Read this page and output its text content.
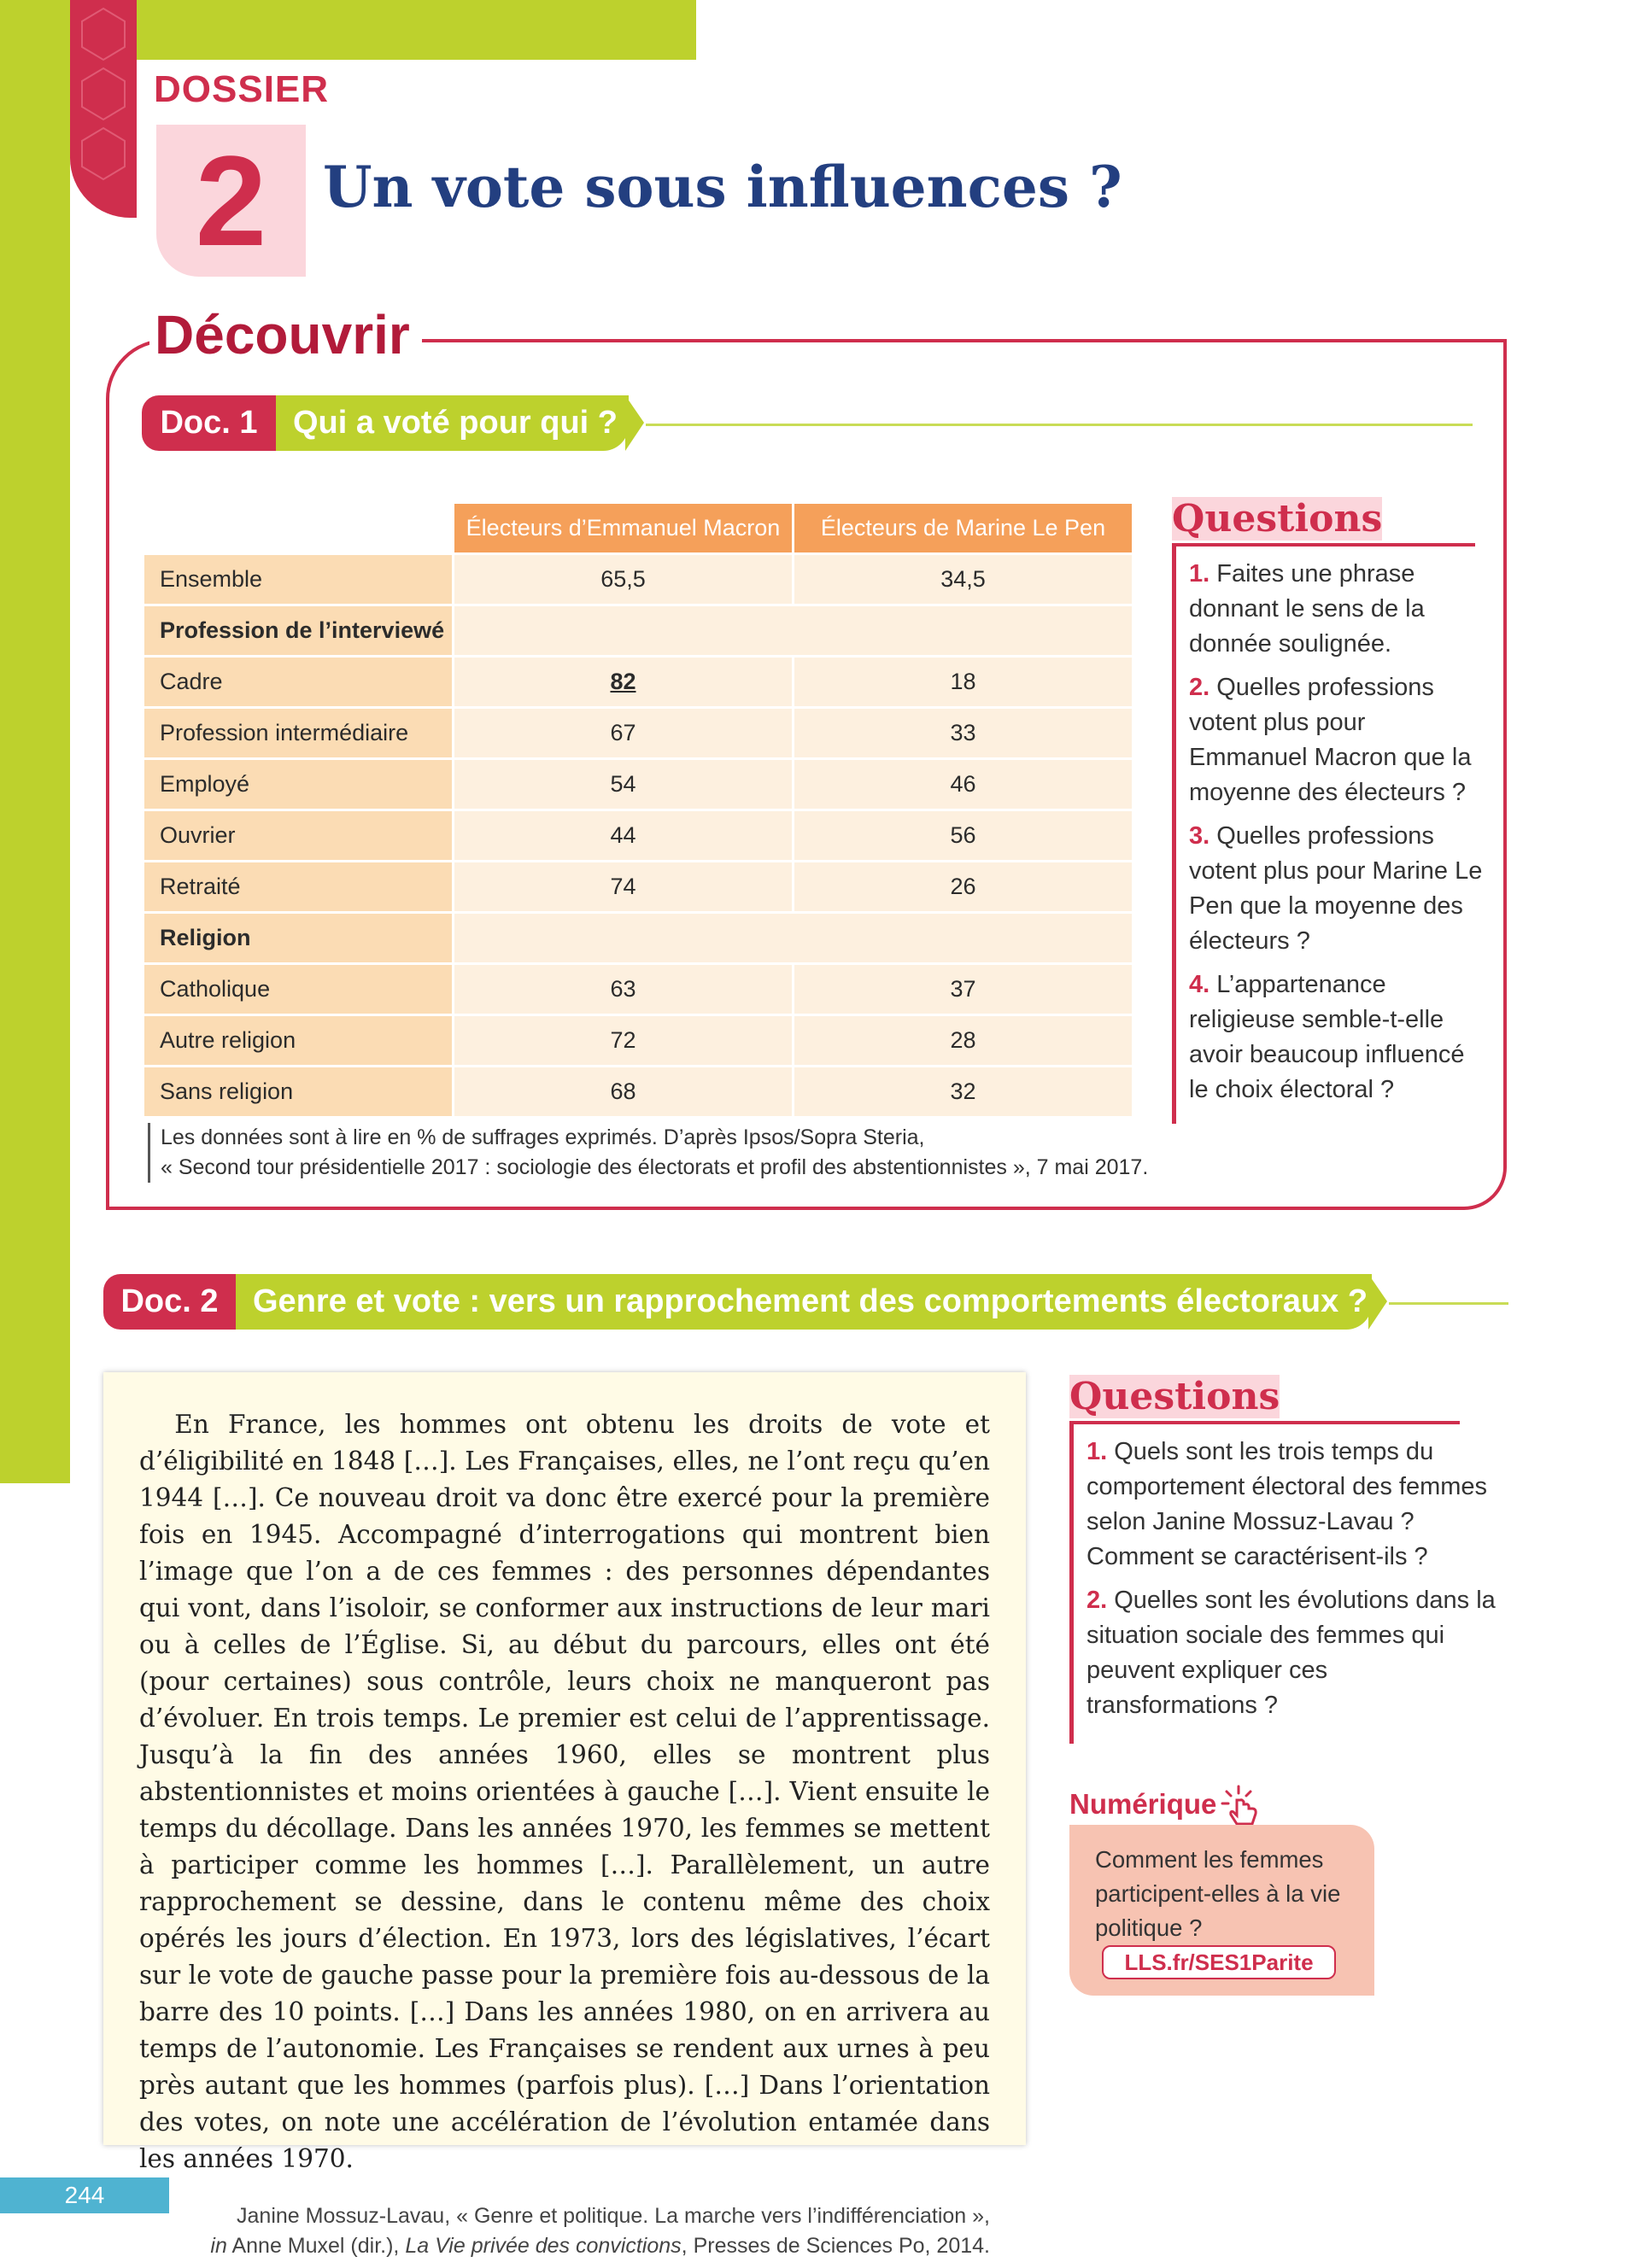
DOSSIER
2 Un vote sous influences ?
Découvrir
Doc. 1	Qui a voté pour qui ?
	Électeurs d’Emmanuel Macron	Électeurs de Marine Le Pen
Ensemble	65,5	34,5
Profession de l’interviewé		
Cadre	82	18
Profession intermédiaire	67	33
Employé	54	46
Ouvrier	44	56
Retraité	74	26
Religion		
Catholique	63	37
Autre religion	72	28
Sans religion	68	32
Les données sont à lire en % de suffrages exprimés. D’après Ipsos/Sopra Steria,
« Second tour présidentielle 2017 : sociologie des électorats et profil des abstentionnistes », 7 mai 2017.
Questions
1. Faites une phrase donnant le sens de la donnée soulignée.
2. Quelles professions votent plus pour Emmanuel Macron que la moyenne des électeurs ?
3. Quelles professions votent plus pour Marine Le Pen que la moyenne des électeurs ?
4. L’appartenance religieuse semble-t-elle avoir beaucoup influencé le choix électoral ?
Doc. 2	Genre et vote : vers un rapprochement des comportements électoraux ?

En France, les hommes ont obtenu les droits de vote et d’éligibilité en 1848 […]. Les Françaises, elles, ne l’ont reçu qu’en 1944 […]. Ce nouveau droit va donc être exercé pour la première fois en 1945. Accompagné d’interrogations qui montrent bien l’image que l’on a de ces femmes : des personnes dépendantes qui vont, dans l’isoloir, se conformer aux instructions de leur mari ou à celles de l’Église. Si, au début du parcours, elles ont été (pour certaines) sous contrôle, leurs choix ne manqueront pas d’évoluer. En trois temps. Le premier est celui de l’apprentissage. Jusqu’à la fin des années 1960, elles se montrent plus abstentionnistes et moins orientées à gauche […]. Vient ensuite le temps du décollage. Dans les années 1970, les femmes se mettent à participer comme les hommes […]. Parallèlement, un autre rapprochement se dessine, dans le contenu même des choix opérés les jours d’élection. En 1973, lors des législatives, l’écart sur le vote de gauche passe pour la première fois au-dessous de la barre des 10 points. […] Dans les années 1980, on en arrivera au temps de l’autonomie. Les Françaises se rendent aux urnes à peu près autant que les hommes (parfois plus). […] Dans l’orientation des votes, on note une accélération de l’évolution entamée dans les années 1970.

Janine Mossuz-Lavau, « Genre et politique. La marche vers l’indifférenciation »,
in Anne Muxel (dir.), La Vie privée des convictions, Presses de Sciences Po, 2014.
Questions
1. Quels sont les trois temps du comportement électoral des femmes selon Janine Mossuz-Lavau ? Comment se caractérisent-ils ?
2. Quelles sont les évolutions dans la situation sociale des femmes qui peuvent expliquer ces transformations ?
Numérique
Comment les femmes participent-elles à la vie politique ?
LLS.fr/SES1Parite
244
